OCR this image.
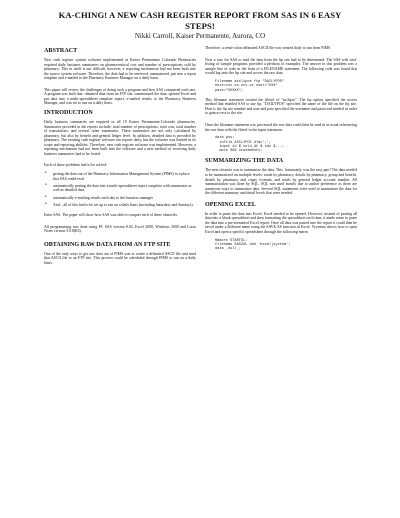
KA-CHING! A NEW CASH REGISTER REPORT FROM SAS IN 6 EASY
STEPS!
Nikki Carroll, Kaiser Permanente, Aurora, CO
ABSTRACT

New cash register system software implemented at Kaiser Permanente Colorado Pharmacies required daily business summaries on pharmaceutical cost and number of prescriptions sold by pharmacy. This in itself is not difficult, however, a reporting mechanism had not been built into the source system software. Therefore, the data had to be retrieved, summarized, put into a report template and e-mailed to the Pharmacy Business Manager on a daily basis.

This paper will review the challenges of doing such a program and how SAS conquered each one. A program was built that: obtained data from an FTP site, summarized the data, opened Excel and put data into a multi-spreadsheet template report, e-mailed results to the Pharmacy Business Manager, and was set to run on a daily basis.

INTRODUCTION

Daily business summaries are required in all 19 Kaiser Permanente-Colorado pharmacies. Summaries provided in the reports include: total number of prescriptions, total cost, total number of transactions, and several other summaries. These summaries are not only calculated by pharmacy, but also by benefit and general ledger level. In addition, detailed data is provided by pharmacy. The existing cash register software ran reports daily, but the software was limited in its scope and reporting abilities. Therefore, new cash register software was implemented. However, a reporting mechanism had not been built into the software and a new method of receiving daily business summaries had to be found.

Each of these problems had to be solved:

• getting the data out of the Pharmacy Information Management System (PIMS) to a place that SAS could read
• automatically putting the data into a multi-spreadsheet report complete with summaries as well as detailed data
• automatically e-mailing results each day to the business manager
• And…all of this had to be set up to run on a daily basis (including Saturdays and Sundays).

Enter SAS. The paper will show how SAS was able to conquer each of these obstacles.

All programming was done using PC SAS version 8.02, Excel 2000, Windows 2000 and Lotus Notes version 5.0.8(R5).

OBTAINING RAW DATA FROM AN FTP SITE

One of the only ways to get raw data out of PIMS was to create a delimited ASCII file and send that ASCII file to an FTP site. This process could be scheduled through PIMS to run on a daily basis.

Therefore, a semi-colon delimited ASCII file was created daily to run from PIMS

Now a way for SAS to read the data from the ftp site had to be determined. The SAS web sites' listing of sample programs provided a plethora of examples. The answer to this problem was a sample line of code in the form of a FILENAME statement. The following code was found that would log onto the ftp site and access the raw data.

Filename asclipce ftp "DAILYPOS"
host=xxx.xx.xxx.xx user="XXX"
pass="XXXXX";

This filename statement created the fileref of "asclipce". The ftp option specified the access method that enabled SAS to use ftp. "DAILYPOS" specified the name of the file on the ftp site. Host is the ftp site number and user and pass specified the username and password needed in order to gain access to the site.

Once the filename statement was processed the raw data could then be read in as usual referencing the raw data with the fileref in the input statement.

data pos;
infile ASCLIPCE dlm=';';
input id $ sold_dt $ sdc $...;
more SAS statements;
SUMMARIZING THE DATA

The next obstacle was to summarize the data. This, fortunately, was the easy part! The data needed to be summarized on multiple levels: totals by pharmacy, details by pharmacy, group and benefit, details by pharmacy and copay formula, and totals by general ledger account number. All summarization was done by SQL. SQL was used mostly due to author preference as there are numerous ways to summarize data. Several SQL statements were used to summarize the data for the different summary and detail levels that were needed.

OPENING EXCEL

In order to paste the data into Excel, Excel needed to be opened. However, instead of pasting all data into a blank spreadsheet and then formatting the spreadsheet each time, it made sense to paste the data into a pre-formatted Excel report. Once all data was pasted into the report it could then be saved under a different name using the SAVE.AS function in Excel. Vyvemus shows how to open Excel and open a specific spreadsheet through the following macro.

%macro STARTXL;
filename SAS2XL dde 'excel|system';
data _null_;
